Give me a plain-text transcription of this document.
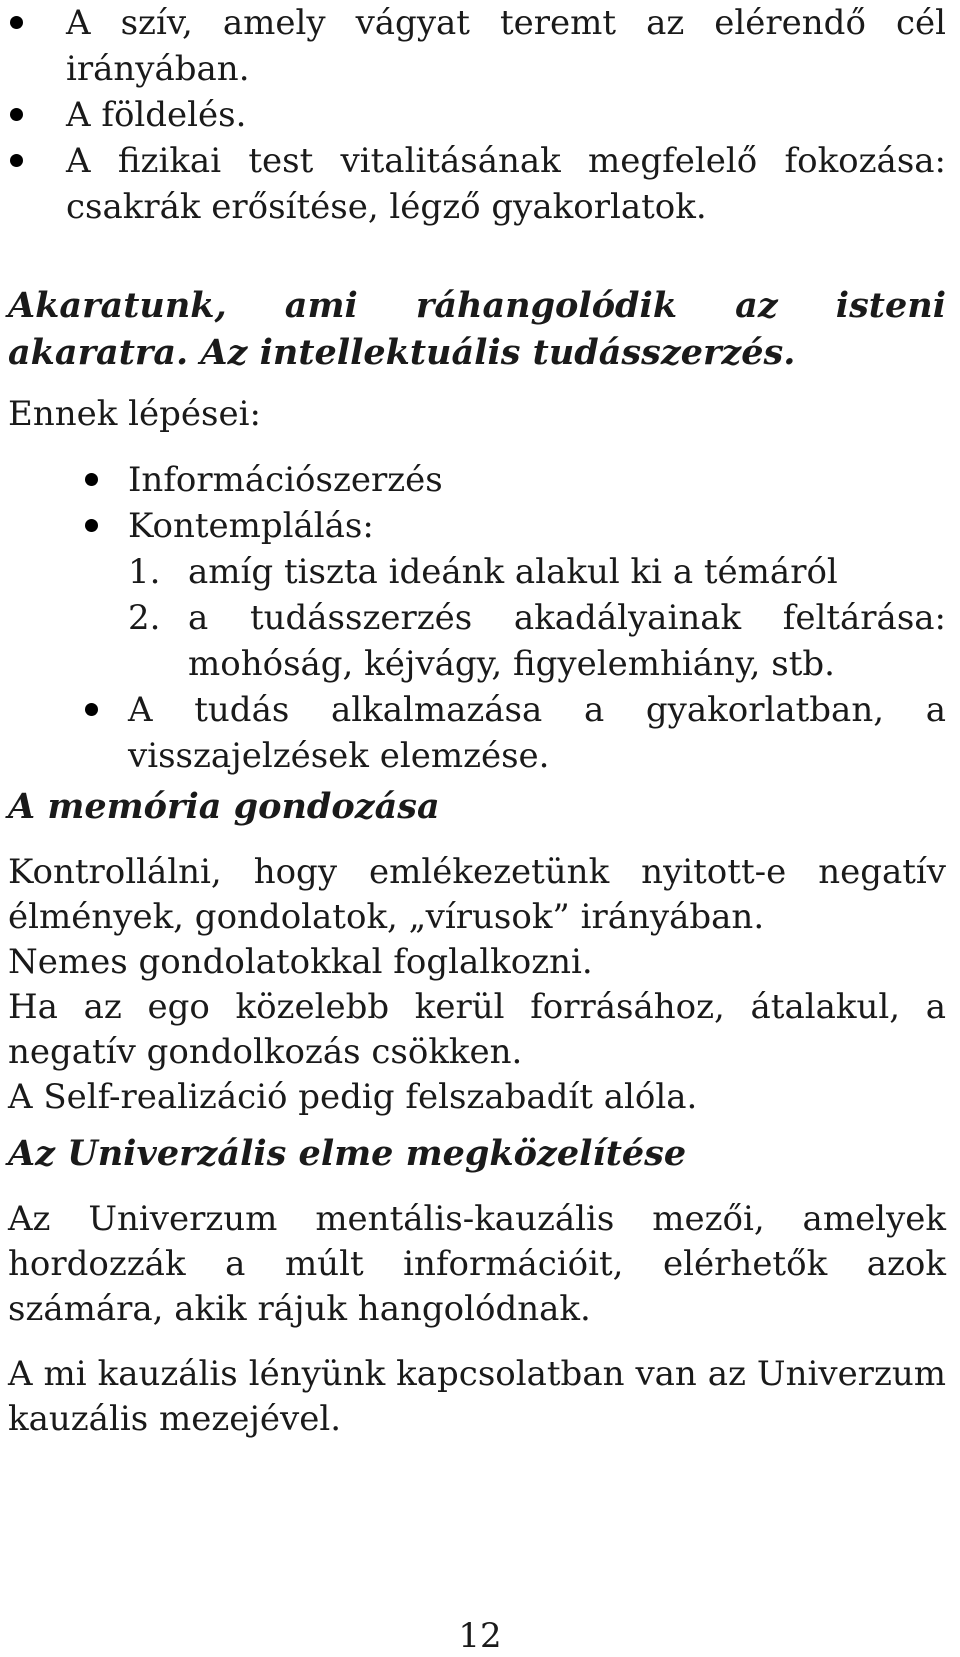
A szív, amely vágyat teremt az elérendő cél irányában.
A földelés.
A fizikai test vitalitásának megfelelő fokozása: csakrák erősítése, légző gyakorlatok.
Akaratunk, ami ráhangolódik az isteni akaratra. Az intellektuális tudásszerzés.

Ennek lépései:

Információszerzés
Kontemplálás:
1. amíg tiszta ideánk alakul ki a témáról
2. a tudásszerzés akadályainak feltárása: mohóság, kéjvágy, figyelemhiány, stb.
A tudás alkalmazása a gyakorlatban, a visszajelzések elemzése.
A memória gondozása

Kontrollálni, hogy emlékezetünk nyitott-e negatív élmények, gondolatok, „vírusok” irányában.

Nemes gondolatokkal foglalkozni.

Ha az ego közelebb kerül forrásához, átalakul, a negatív gondolkozás csökken.

A Self-realizáció pedig felszabadít alóla.

Az Univerzális elme megközelítése

Az Univerzum mentális-kauzális mezői, amelyek hordozzák a múlt információit, elérhetők azok számára, akik rájuk hangolódnak.

A mi kauzális lényünk kapcsolatban van az Univerzum kauzális mezejével.

12
